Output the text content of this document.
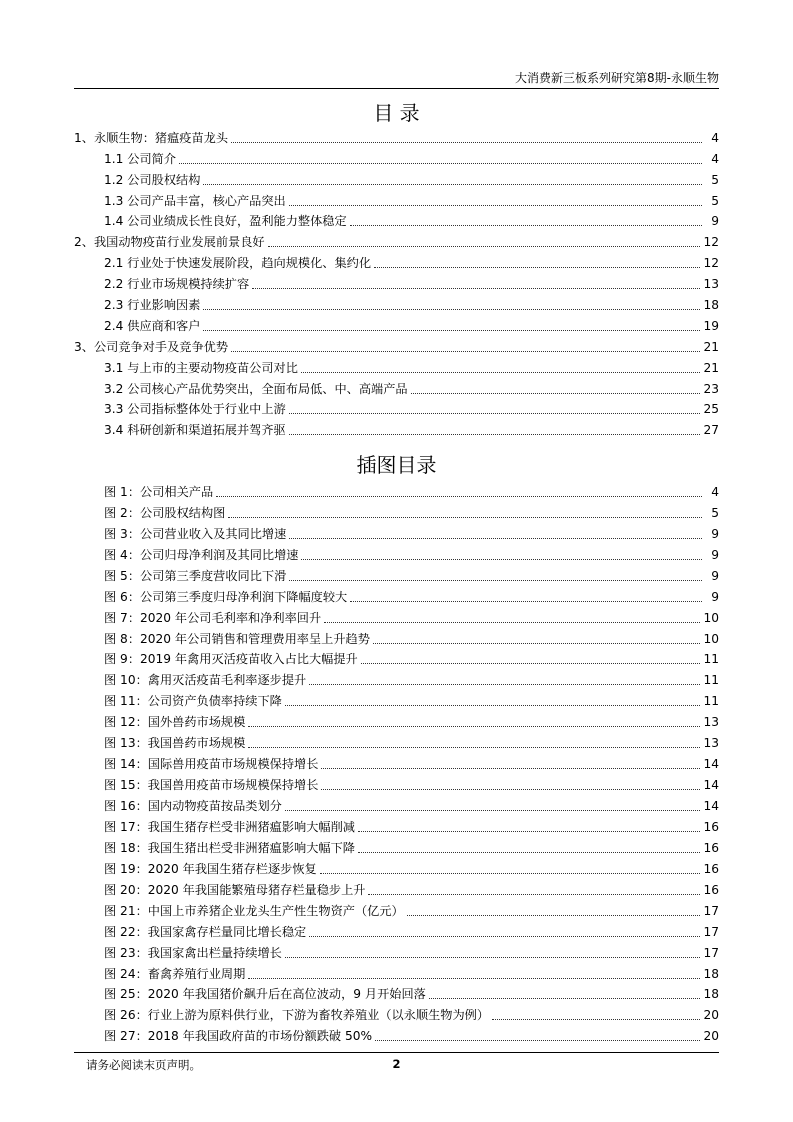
大消费新三板系列研究第8期-永顺生物
目 录
1、永顺生物：猪瘟疫苗龙头	4
1.1 公司简介	4
1.2 公司股权结构	5
1.3 公司产品丰富，核心产品突出	5
1.4 公司业绩成长性良好，盈利能力整体稳定	9
2、我国动物疫苗行业发展前景良好	12
2.1 行业处于快速发展阶段，趋向规模化、集约化	12
2.2 行业市场规模持续扩容	13
2.3 行业影响因素	18
2.4 供应商和客户	19
3、公司竞争对手及竞争优势	21
3.1 与上市的主要动物疫苗公司对比	21
3.2 公司核心产品优势突出，全面布局低、中、高端产品	23
3.3 公司指标整体处于行业中上游	25
3.4 科研创新和渠道拓展并驾齐驱	27
插图目录
图 1：公司相关产品	4
图 2：公司股权结构图	5
图 3：公司营业收入及其同比增速	9
图 4：公司归母净利润及其同比增速	9
图 5：公司第三季度营收同比下滑	9
图 6：公司第三季度归母净利润下降幅度较大	9
图 7：2020 年公司毛利率和净利率回升	10
图 8：2020 年公司销售和管理费用率呈上升趋势	10
图 9：2019 年禽用灭活疫苗收入占比大幅提升	11
图 10：禽用灭活疫苗毛利率逐步提升	11
图 11：公司资产负债率持续下降	11
图 12：国外兽药市场规模	13
图 13：我国兽药市场规模	13
图 14：国际兽用疫苗市场规模保持增长	14
图 15：我国兽用疫苗市场规模保持增长	14
图 16：国内动物疫苗按品类划分	14
图 17：我国生猪存栏受非洲猪瘟影响大幅削减	16
图 18：我国生猪出栏受非洲猪瘟影响大幅下降	16
图 19：2020 年我国生猪存栏逐步恢复	16
图 20：2020 年我国能繁殖母猪存栏量稳步上升	16
图 21：中国上市养猪企业龙头生产性生物资产（亿元）	17
图 22：我国家禽存栏量同比增长稳定	17
图 23：我国家禽出栏量持续增长	17
图 24：畜禽养殖行业周期	18
图 25：2020 年我国猪价飙升后在高位波动，9 月开始回落	18
图 26：行业上游为原料供行业，下游为畜牧养殖业（以永顺生物为例）	20
图 27：2018 年我国政府苗的市场份额跌破 50%	20
请务必阅读末页声明。	2
